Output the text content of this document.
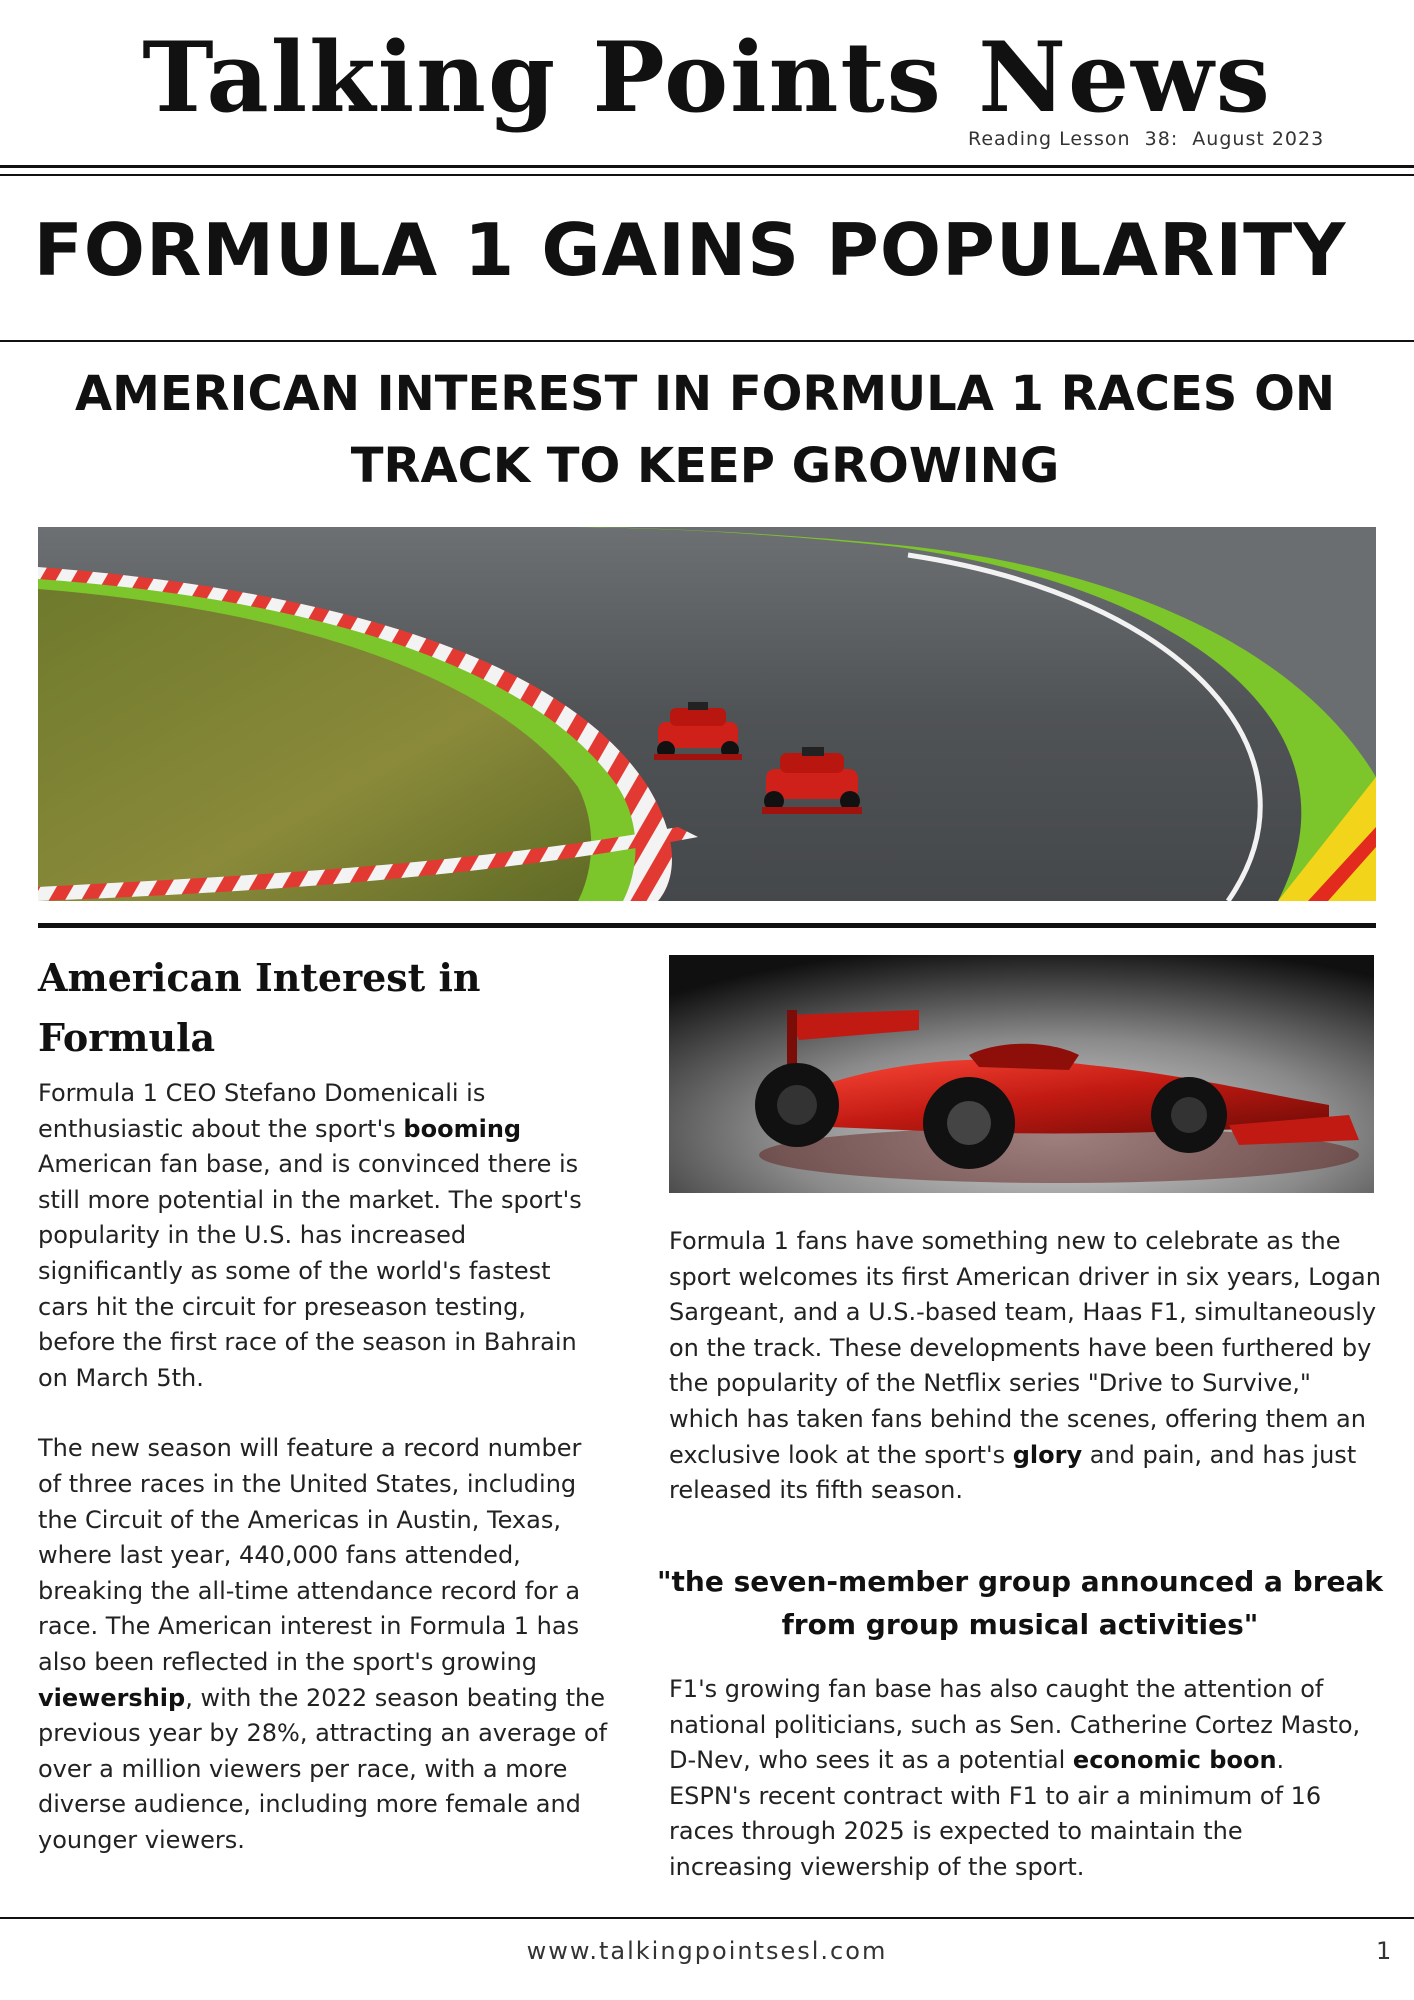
Talking Points News
Reading Lesson  38:  August 2023
FORMULA 1 GAINS POPULARITY
AMERICAN INTEREST IN FORMULA 1 RACES ON TRACK TO KEEP GROWING
American Interest in Formula

Formula 1 CEO Stefano Domenicali is enthusiastic about the sport's booming American fan base, and is convinced there is still more potential in the market. The sport's popularity in the U.S. has increased significantly as some of the world's fastest cars hit the circuit for preseason testing, before the first race of the season in Bahrain on March 5th.

The new season will feature a record number of three races in the United States, including the Circuit of the Americas in Austin, Texas, where last year, 440,000 fans attended, breaking the all-time attendance record for a race. The American interest in Formula 1 has also been reflected in the sport's growing viewership, with the 2022 season beating the previous year by 28%, attracting an average of over a million viewers per race, with a more diverse audience, including more female and younger viewers.

Formula 1 fans have something new to celebrate as the sport welcomes its first American driver in six years, Logan Sargeant, and a U.S.-based team, Haas F1, simultaneously on the track. These developments have been furthered by the popularity of the Netflix series "Drive to Survive," which has taken fans behind the scenes, offering them an exclusive look at the sport's glory and pain, and has just released its fifth season.

"the seven-member group announced a break from group musical activities"

F1's growing fan base has also caught the attention of national politicians, such as Sen. Catherine Cortez Masto, D-Nev, who sees it as a potential economic boon. ESPN's recent contract with F1 to air a minimum of 16 races through 2025 is expected to maintain the increasing viewership of the sport.

www.talkingpointsesl.com	1
